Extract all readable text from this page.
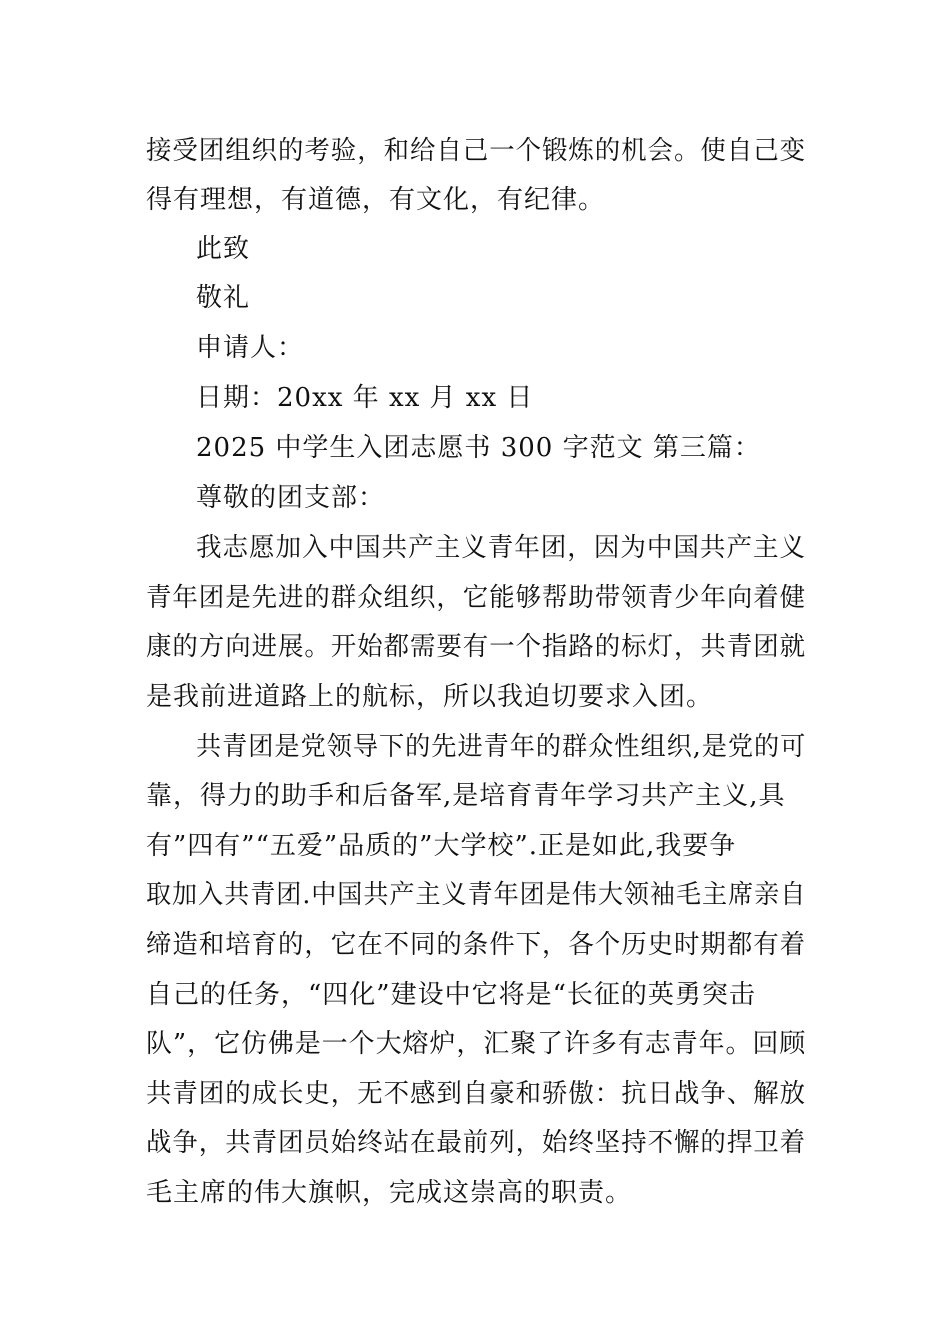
接受团组织的考验，和给自己一个锻炼的机会。使自己变
得有理想，有道德，有文化，有纪律。
此致
敬礼
申请人：
日期：20xx 年 xx 月 xx 日
2025 中学生入团志愿书 300 字范文 第三篇：
尊敬的团支部：
我志愿加入中国共产主义青年团，因为中国共产主义
青年团是先进的群众组织，它能够帮助带领青少年向着健
康的方向进展。开始都需要有一个指路的标灯，共青团就
是我前进道路上的航标，所以我迫切要求入团。
共青团是党领导下的先进青年的群众性组织,是党的可
靠，得力的助手和后备军,是培育青年学习共产主义,具
有”四有”“五爱”品质的”大学校”.正是如此,我要争
取加入共青团.中国共产主义青年团是伟大领袖毛主席亲自
缔造和培育的，它在不同的条件下，各个历史时期都有着
自己的任务，“四化”建设中它将是“长征的英勇突击
队”，它仿佛是一个大熔炉，汇聚了许多有志青年。回顾
共青团的成长史，无不感到自豪和骄傲：抗日战争、解放
战争，共青团员始终站在最前列，始终坚持不懈的捍卫着
毛主席的伟大旗帜，完成这崇高的职责。
